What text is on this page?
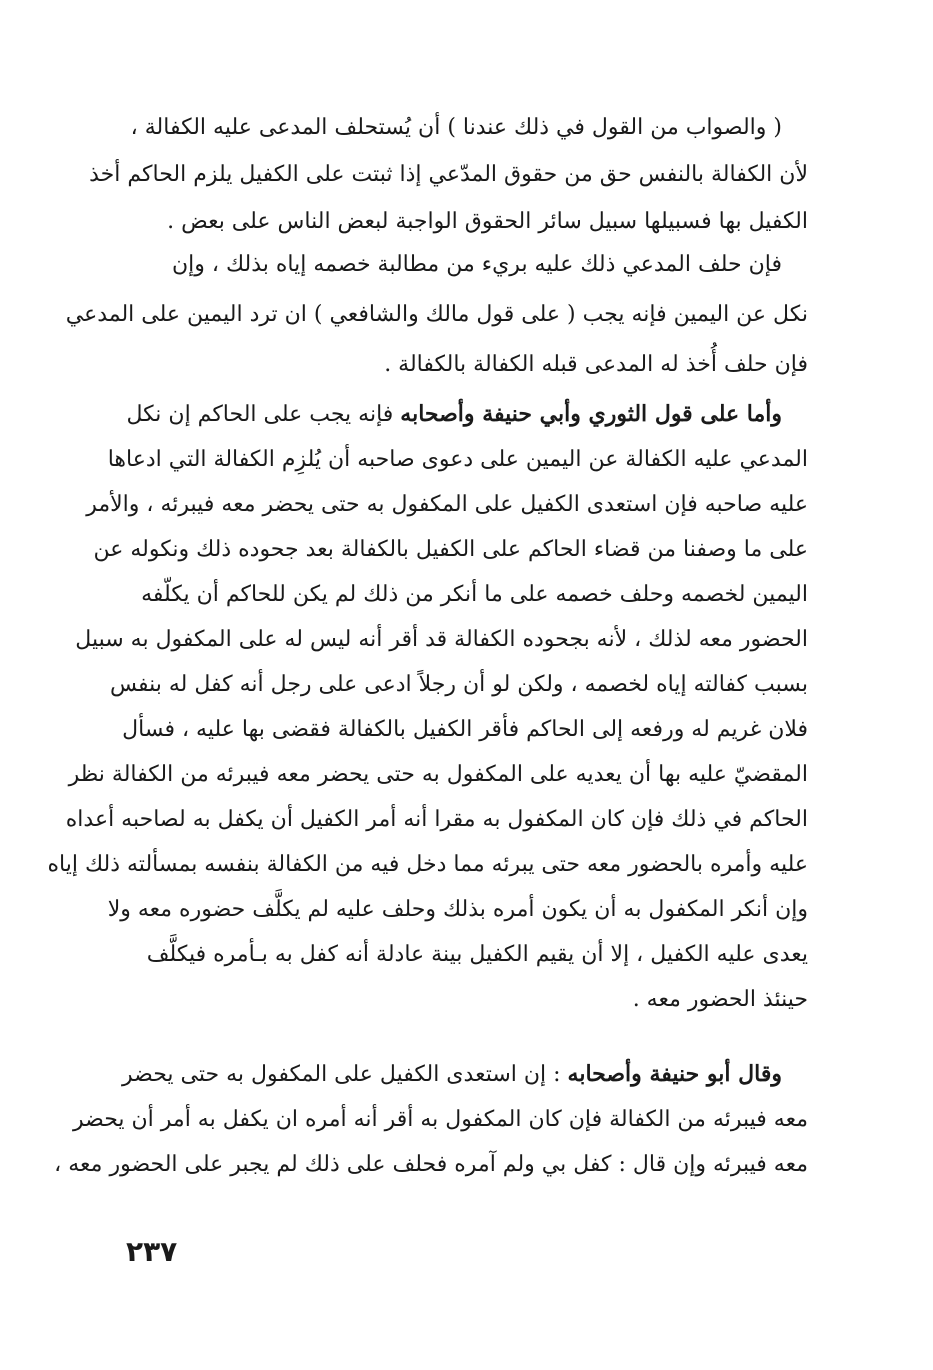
( والصواب من القول في ذلك عندنا ) أن يُستحلف المدعى عليه الكفالة ،
لأن الكفالة بالنفس حق من حقوق المدّعي إذا ثبتت على الكفيل يلزم الحاكم أخذ
الكفيل بها فسبيلها سبيل سائر الحقوق الواجبة لبعض الناس على بعض .
فإن حلف المدعي ذلك عليه بريء من مطالبة خصمه إياه بذلك ، وإن
نكل عن اليمين فإنه يجب ( على قول مالك والشافعي ) ان ترد اليمين على المدعي
فإن حلف أُخذ له المدعى قبله الكفالة بالكفالة .
وأما على قول الثوري وأبي حنيفة وأصحابه فإنه يجب على الحاكم إن نكل
المدعي عليه الكفالة عن اليمين على دعوى صاحبه أن يُلزِم الكفالة التي ادعاها
عليه صاحبه فإن استعدى الكفيل على المكفول به حتى يحضر معه فيبرئه ، والأمر
على ما وصفنا من قضاء الحاكم على الكفيل بالكفالة بعد جحوده ذلك ونكوله عن
اليمين لخصمه وحلف خصمه على ما أنكر من ذلك لم يكن للحاكم أن يكلّفه
الحضور معه لذلك ، لأنه بجحوده الكفالة قد أقر أنه ليس له على المكفول به سبيل
بسبب كفالته إياه لخصمه ، ولكن لو أن رجلاً ادعى على رجل أنه كفل له بنفس
فلان غريم له ورفعه إلى الحاكم فأقر الكفيل بالكفالة فقضى بها عليه ، فسأل
المقضيّ عليه بها أن يعديه على المكفول به حتى يحضر معه فيبرئه من الكفالة نظر
الحاكم في ذلك فإن كان المكفول به مقرا أنه أمر الكفيل أن يكفل به لصاحبه أعداه
عليه وأمره بالحضور معه حتى يبرئه مما دخل فيه من الكفالة بنفسه بمسألته ذلك إياه
وإن أنكر المكفول به أن يكون أمره بذلك وحلف عليه لم يكلَّف حضوره معه ولا
يعدى عليه الكفيل ، إلا أن يقيم الكفيل بينة عادلة أنه كفل به بـأمره فيكلَّف
حينئذ الحضور معه .
وقال أبو حنيفة وأصحابه : إن استعدى الكفيل على المكفول به حتى يحضر
معه فيبرئه من الكفالة فإن كان المكفول به أقر أنه أمره ان يكفل به أمر أن يحضر
معه فيبرئه وإن قال : كفل بي ولم آمره فحلف على ذلك لم يجبر على الحضور معه ،
٢٣٧
